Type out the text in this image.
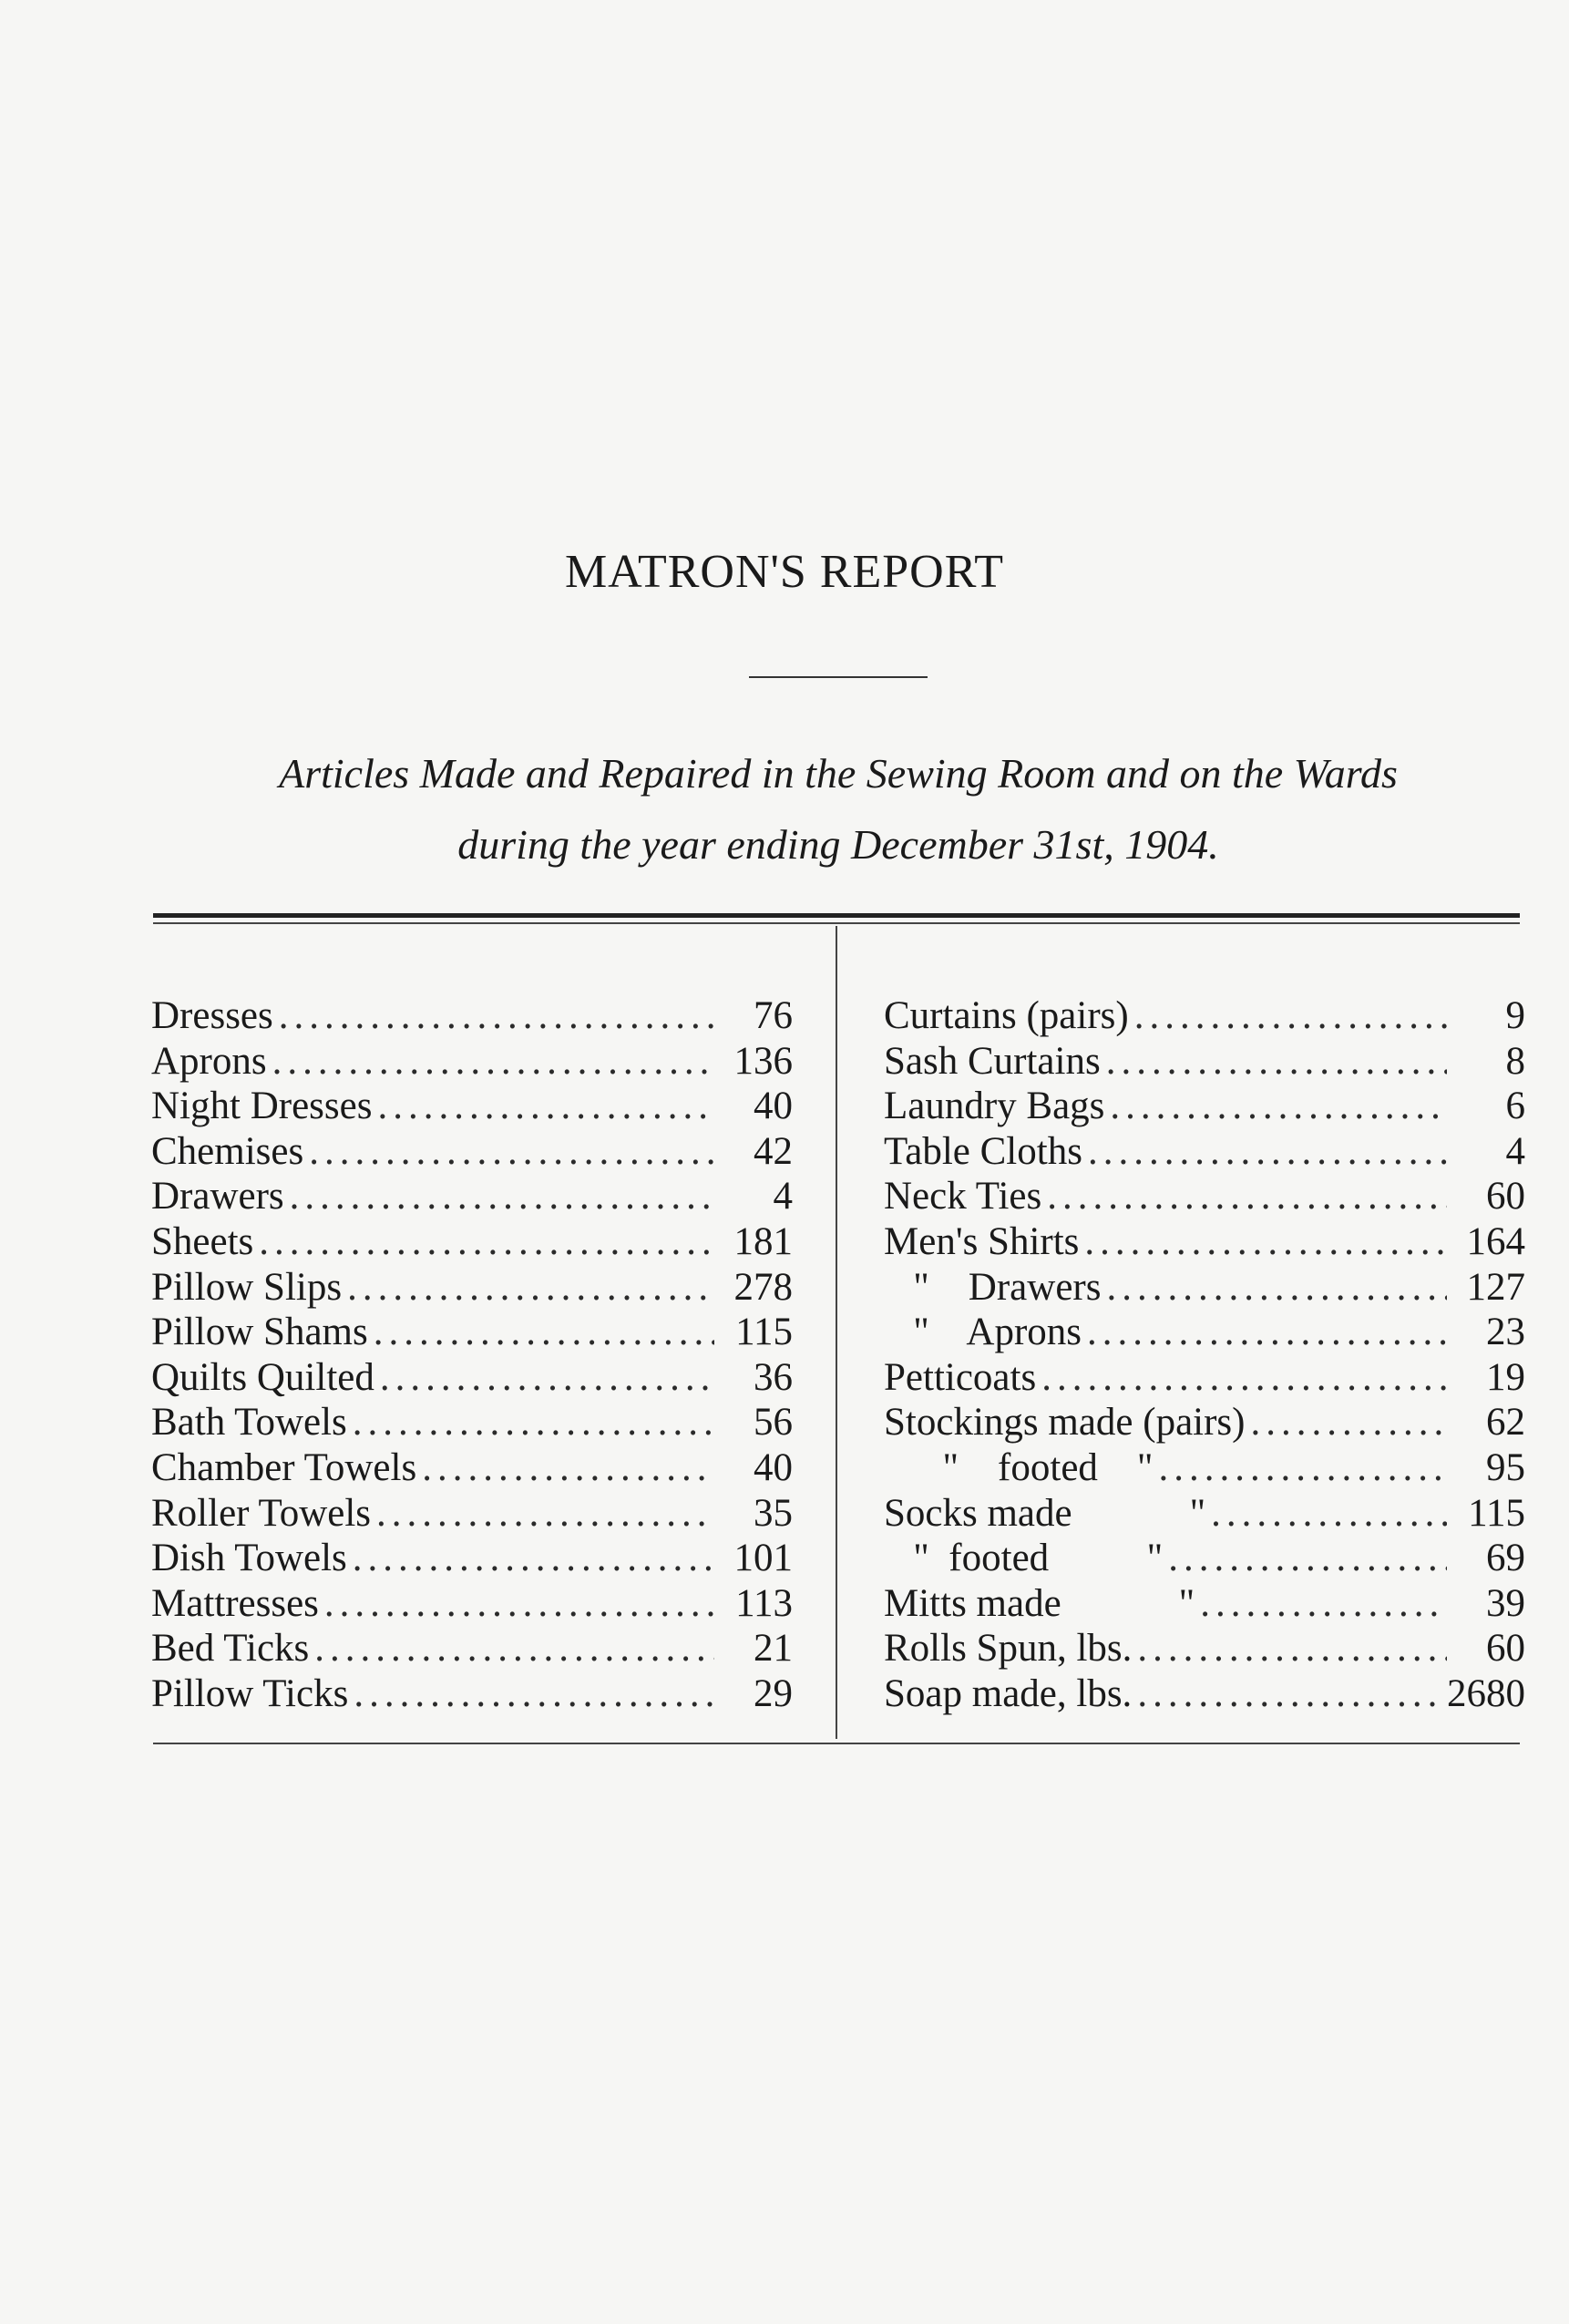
MATRON'S REPORT
Articles Made and Repaired in the Sewing Room and on the Wards
during the year ending December 31st, 1904.
Dresses .....	76
Aprons .....	136
Night Dresses .....	40
Chemises .....	42
Drawers .....	4
Sheets .....	181
Pillow Slips .....	278
Pillow Shams .....	115
Quilts Quilted .....	36
Bath Towels .....	56
Chamber Towels .....	40
Roller Towels .....	35
Dish Towels .....	101
Mattresses .....	113
Bed Ticks .....	21
Pillow Ticks .....	29
Curtains (pairs) .....	9
Sash Curtains .....	8
Laundry Bags .....	6
Table Cloths .....	4
Neck Ties .....	60
Men's Shirts .....	164
"    Drawers .....	127
"    Aprons .....	23
Petticoats .....	19
Stockings made (pairs) .....	62
"    footed    " .....	95
Socks made            " .....	115
"  footed          " .....	69
Mitts made            " .....	39
Rolls Spun, lbs. .....	60
Soap made, lbs. .....	2680
